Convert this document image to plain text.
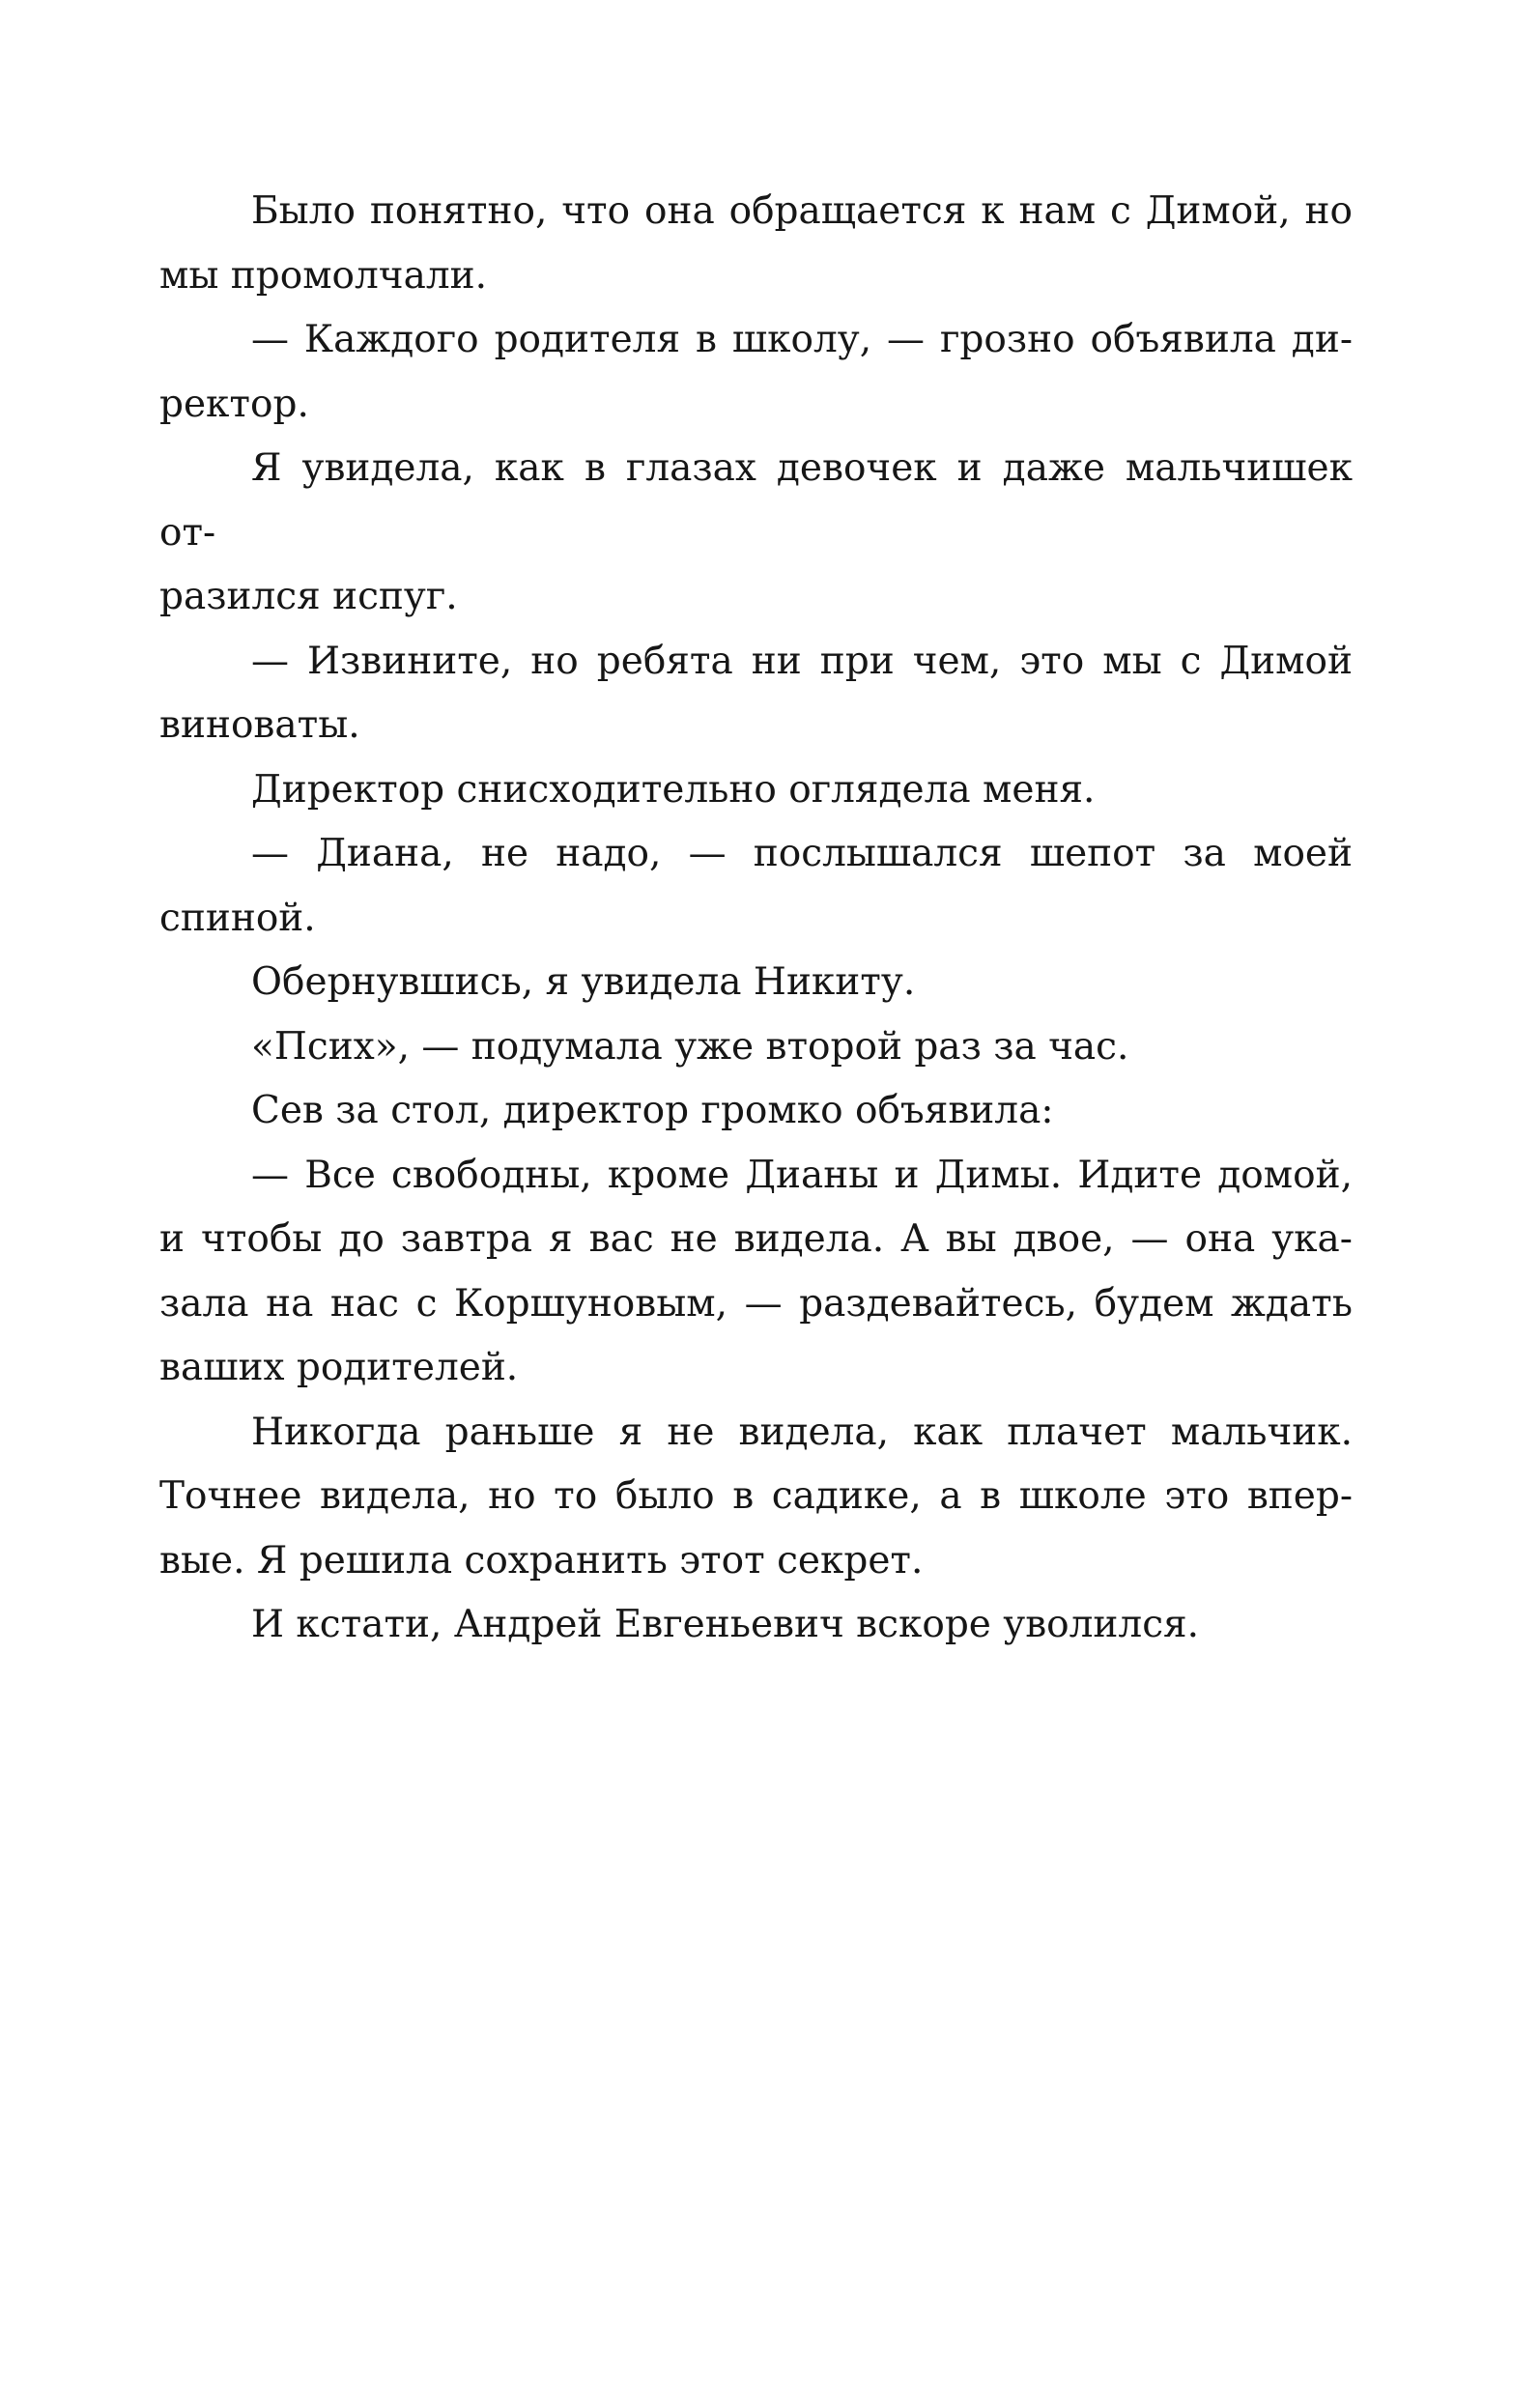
Было понятно, что она обращается к нам с Димой, но
мы промолчали.
— Каждого родителя в школу, — грозно объявила ди-
ректор.
Я увидела, как в глазах девочек и даже мальчишек от-
разился испуг.
— Извините, но ребята ни при чем, это мы с Димой
виноваты.
Директор снисходительно оглядела меня.
— Диана, не надо, — послышался шепот за моей спиной.
Обернувшись, я увидела Никиту.
«Псих», — подумала уже второй раз за час.
Сев за стол, директор громко объявила:
— Все свободны, кроме Дианы и Димы. Идите домой,
и чтобы до завтра я вас не видела. А вы двое, — она ука-
зала на нас с Коршуновым, — раздевайтесь, будем ждать
ваших родителей.
Никогда раньше я не видела, как плачет мальчик.
Точнее видела, но то было в садике, а в школе это впер-
вые. Я решила сохранить этот секрет.
И кстати, Андрей Евгеньевич вскоре уволился.
